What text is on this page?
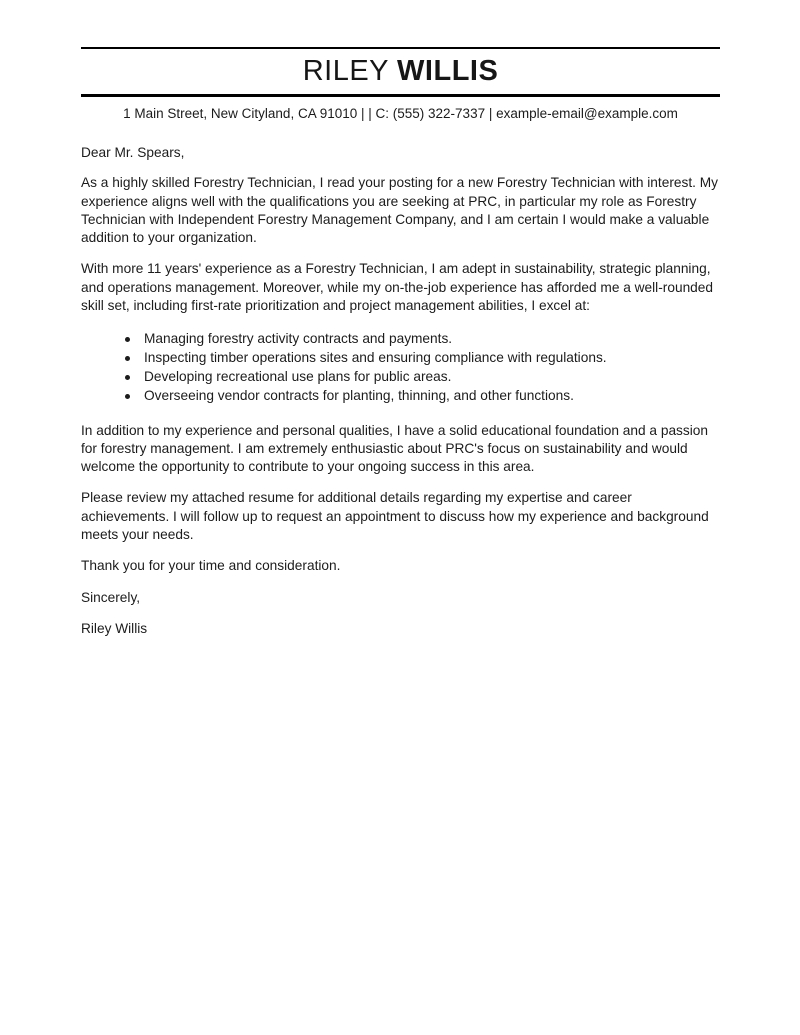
RILEY WILLIS
1 Main Street, New Cityland, CA 91010 | | C: (555) 322-7337 | example-email@example.com

Dear Mr. Spears,

As a highly skilled Forestry Technician, I read your posting for a new Forestry Technician with interest. My experience aligns well with the qualifications you are seeking at PRC, in particular my role as Forestry Technician with Independent Forestry Management Company, and I am certain I would make a valuable addition to your organization.

With more 11 years' experience as a Forestry Technician, I am adept in sustainability, strategic planning, and operations management. Moreover, while my on-the-job experience has afforded me a well-rounded skill set, including first-rate prioritization and project management abilities, I excel at:

Managing forestry activity contracts and payments.
Inspecting timber operations sites and ensuring compliance with regulations.
Developing recreational use plans for public areas.
Overseeing vendor contracts for planting, thinning, and other functions.

In addition to my experience and personal qualities, I have a solid educational foundation and a passion for forestry management. I am extremely enthusiastic about PRC's focus on sustainability and would welcome the opportunity to contribute to your ongoing success in this area.

Please review my attached resume for additional details regarding my expertise and career achievements. I will follow up to request an appointment to discuss how my experience and background meets your needs.

Thank you for your time and consideration.

Sincerely,

Riley Willis
